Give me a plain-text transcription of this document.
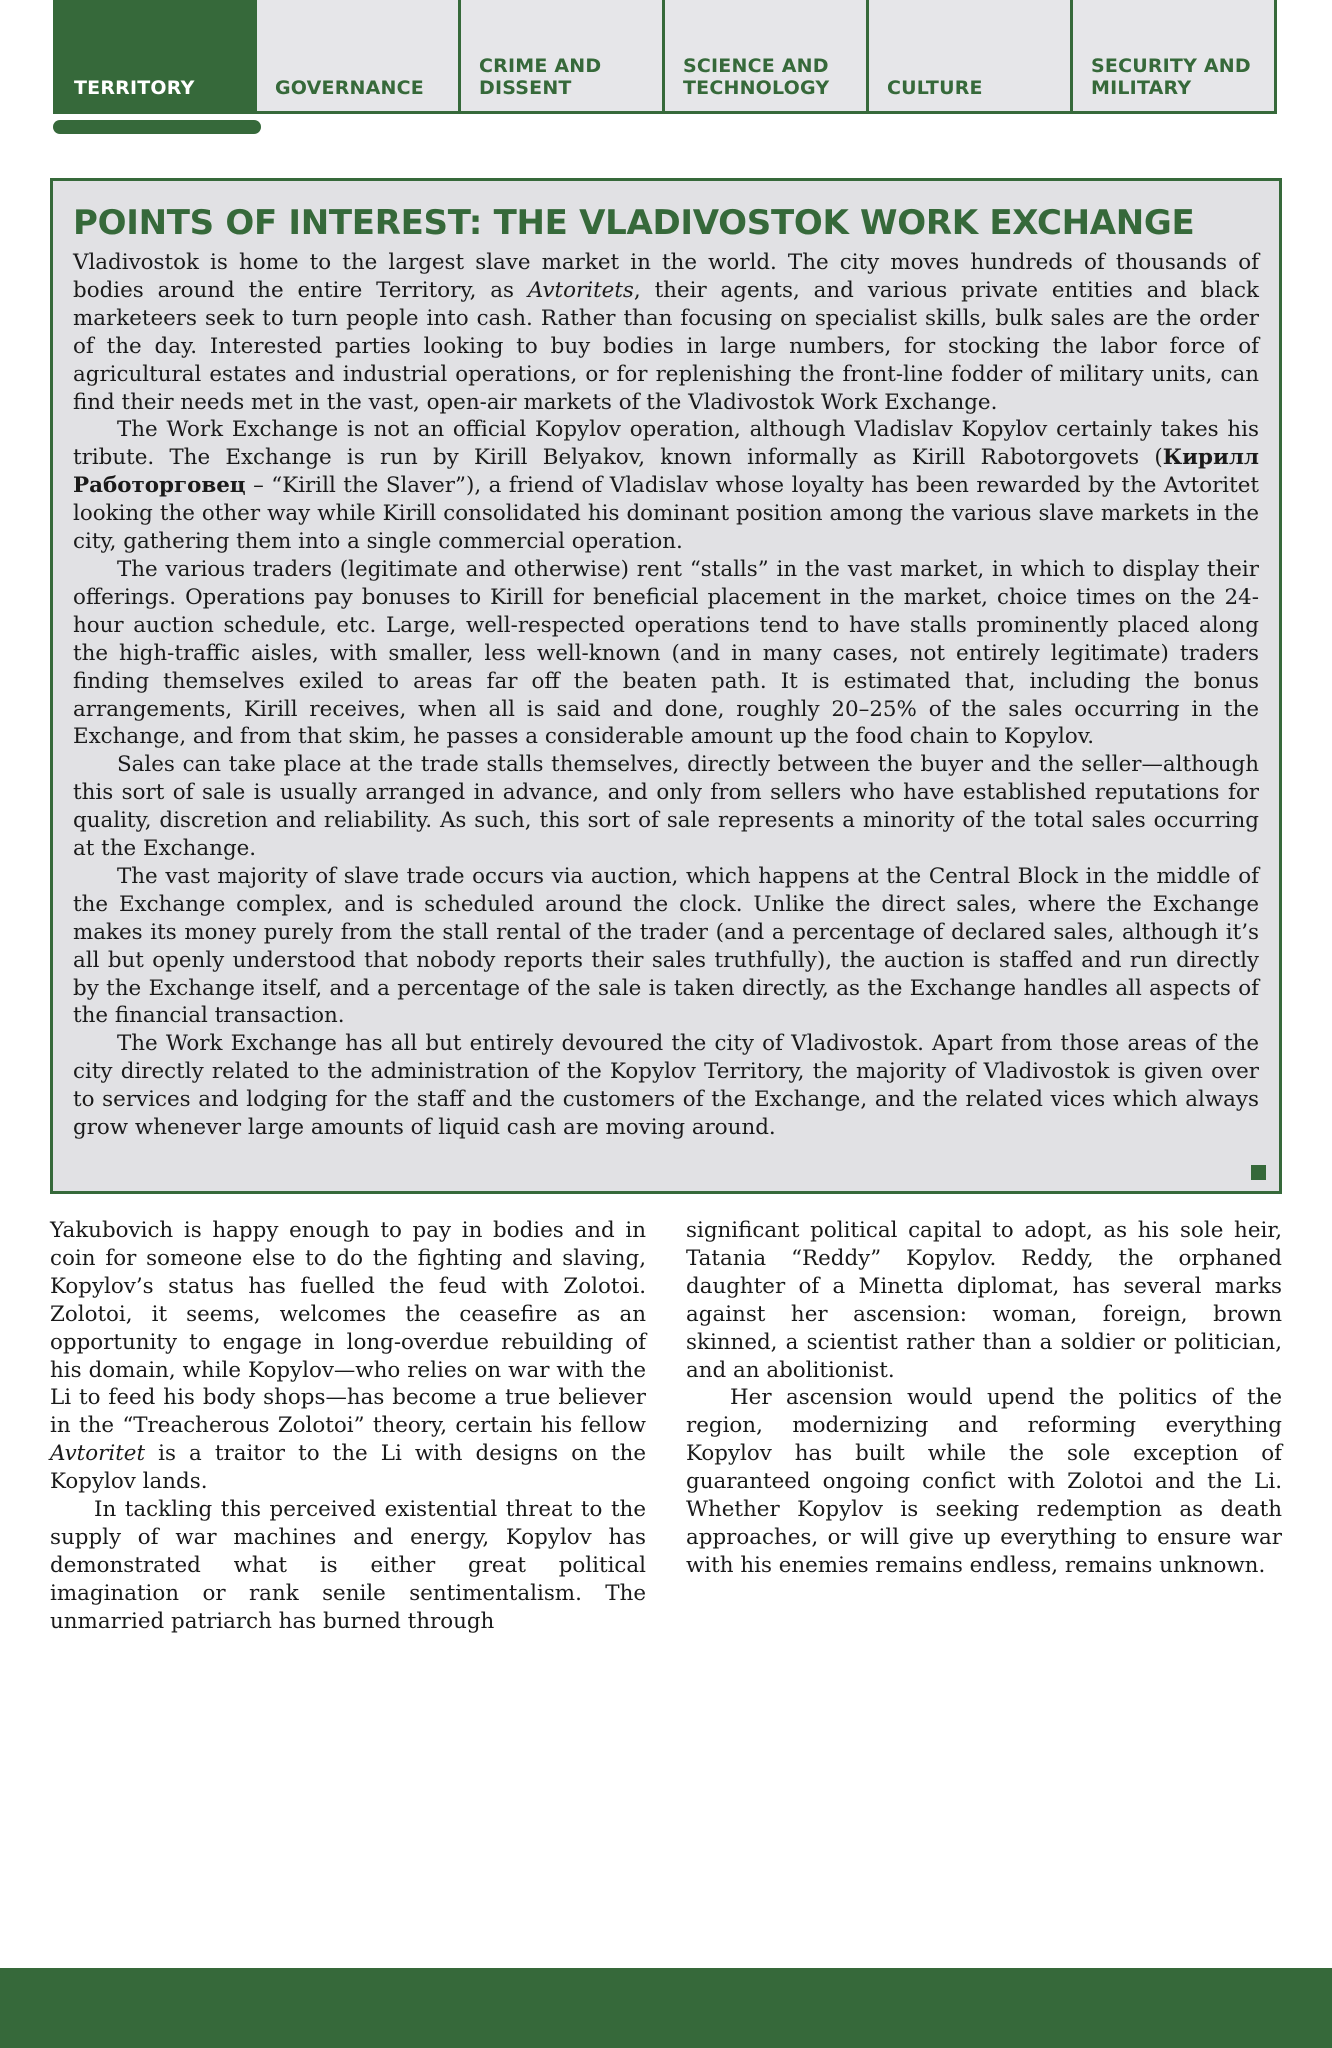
TERRITORY	GOVERNANCE
CRIME AND
DISSENT
SCIENCE AND
TECHNOLOGY	CULTURE
SECURITY AND
MILITARY
POINTS OF INTEREST: THE VLADIVOSTOK WORK EXCHANGE

Vladivostok is home to the largest slave market in the world. The city moves hundreds of thousands of bodies around the entire Territory, as Avtoritets, their agents, and various private entities and black marketeers seek to turn people into cash. Rather than focusing on specialist skills, bulk sales are the order of the day. Interested parties looking to buy bodies in large numbers, for stocking the labor force of agricultural estates and industrial operations, or for replenishing the front-line fodder of military units, can find their needs met in the vast, open-air markets of the Vladivostok Work Exchange.

The Work Exchange is not an official Kopylov operation, although Vladislav Kopylov certainly takes his tribute. The Exchange is run by Kirill Belyakov, known informally as Kirill Rabotorgovets (Кирилл Работорговец – “Kirill the Slaver”), a friend of Vladislav whose loyalty has been rewarded by the Avtoritet looking the other way while Kirill consolidated his dominant position among the various slave markets in the city, gathering them into a single commercial operation.

The various traders (legitimate and otherwise) rent “stalls” in the vast market, in which to display their offerings. Operations pay bonuses to Kirill for beneficial placement in the market, choice times on the 24-hour auction schedule, etc. Large, well-respected operations tend to have stalls prominently placed along the high-traffic aisles, with smaller, less well-known (and in many cases, not entirely legitimate) traders finding themselves exiled to areas far off the beaten path. It is estimated that, including the bonus arrangements, Kirill receives, when all is said and done, roughly 20–25% of the sales occurring in the Exchange, and from that skim, he passes a considerable amount up the food chain to Kopylov.

Sales can take place at the trade stalls themselves, directly between the buyer and the seller—although this sort of sale is usually arranged in advance, and only from sellers who have established reputations for quality, discretion and reliability. As such, this sort of sale represents a minority of the total sales occurring at the Exchange.

The vast majority of slave trade occurs via auction, which happens at the Central Block in the middle of the Exchange complex, and is scheduled around the clock. Unlike the direct sales, where the Exchange makes its money purely from the stall rental of the trader (and a percentage of declared sales, although it’s all but openly understood that nobody reports their sales truthfully), the auction is staffed and run directly by the Exchange itself, and a percentage of the sale is taken directly, as the Exchange handles all aspects of the financial transaction.

The Work Exchange has all but entirely devoured the city of Vladivostok. Apart from those areas of the city directly related to the administration of the Kopylov Territory, the majority of Vladivostok is given over to services and lodging for the staff and the customers of the Exchange, and the related vices which always grow whenever large amounts of liquid cash are moving around.

Yakubovich is happy enough to pay in bodies and in coin for someone else to do the fighting and slaving, Kopylov’s status has fuelled the feud with Zolotoi. Zolotoi, it seems, welcomes the ceasefire as an opportunity to engage in long-overdue rebuilding of his domain, while Kopylov—who relies on war with the Li to feed his body shops—has become a true believer in the “Treacherous Zolotoi” theory, certain his fellow Avtoritet is a traitor to the Li with designs on the Kopylov lands.

In tackling this perceived existential threat to the supply of war machines and energy, Kopylov has demonstrated what is either great political imagination or rank senile sentimentalism. The unmarried patriarch has burned through

significant political capital to adopt, as his sole heir, Tatania “Reddy” Kopylov. Reddy, the orphaned daughter of a Minetta diplomat, has several marks against her ascension: woman, foreign, brown skinned, a scientist rather than a soldier or politician, and an abolitionist.

Her ascension would upend the politics of the region, modernizing and reforming everything Kopylov has built while the sole exception of guaranteed ongoing confict with Zolotoi and the Li. Whether Kopylov is seeking redemption as death approaches, or will give up everything to ensure war with his enemies remains endless, remains unknown.
